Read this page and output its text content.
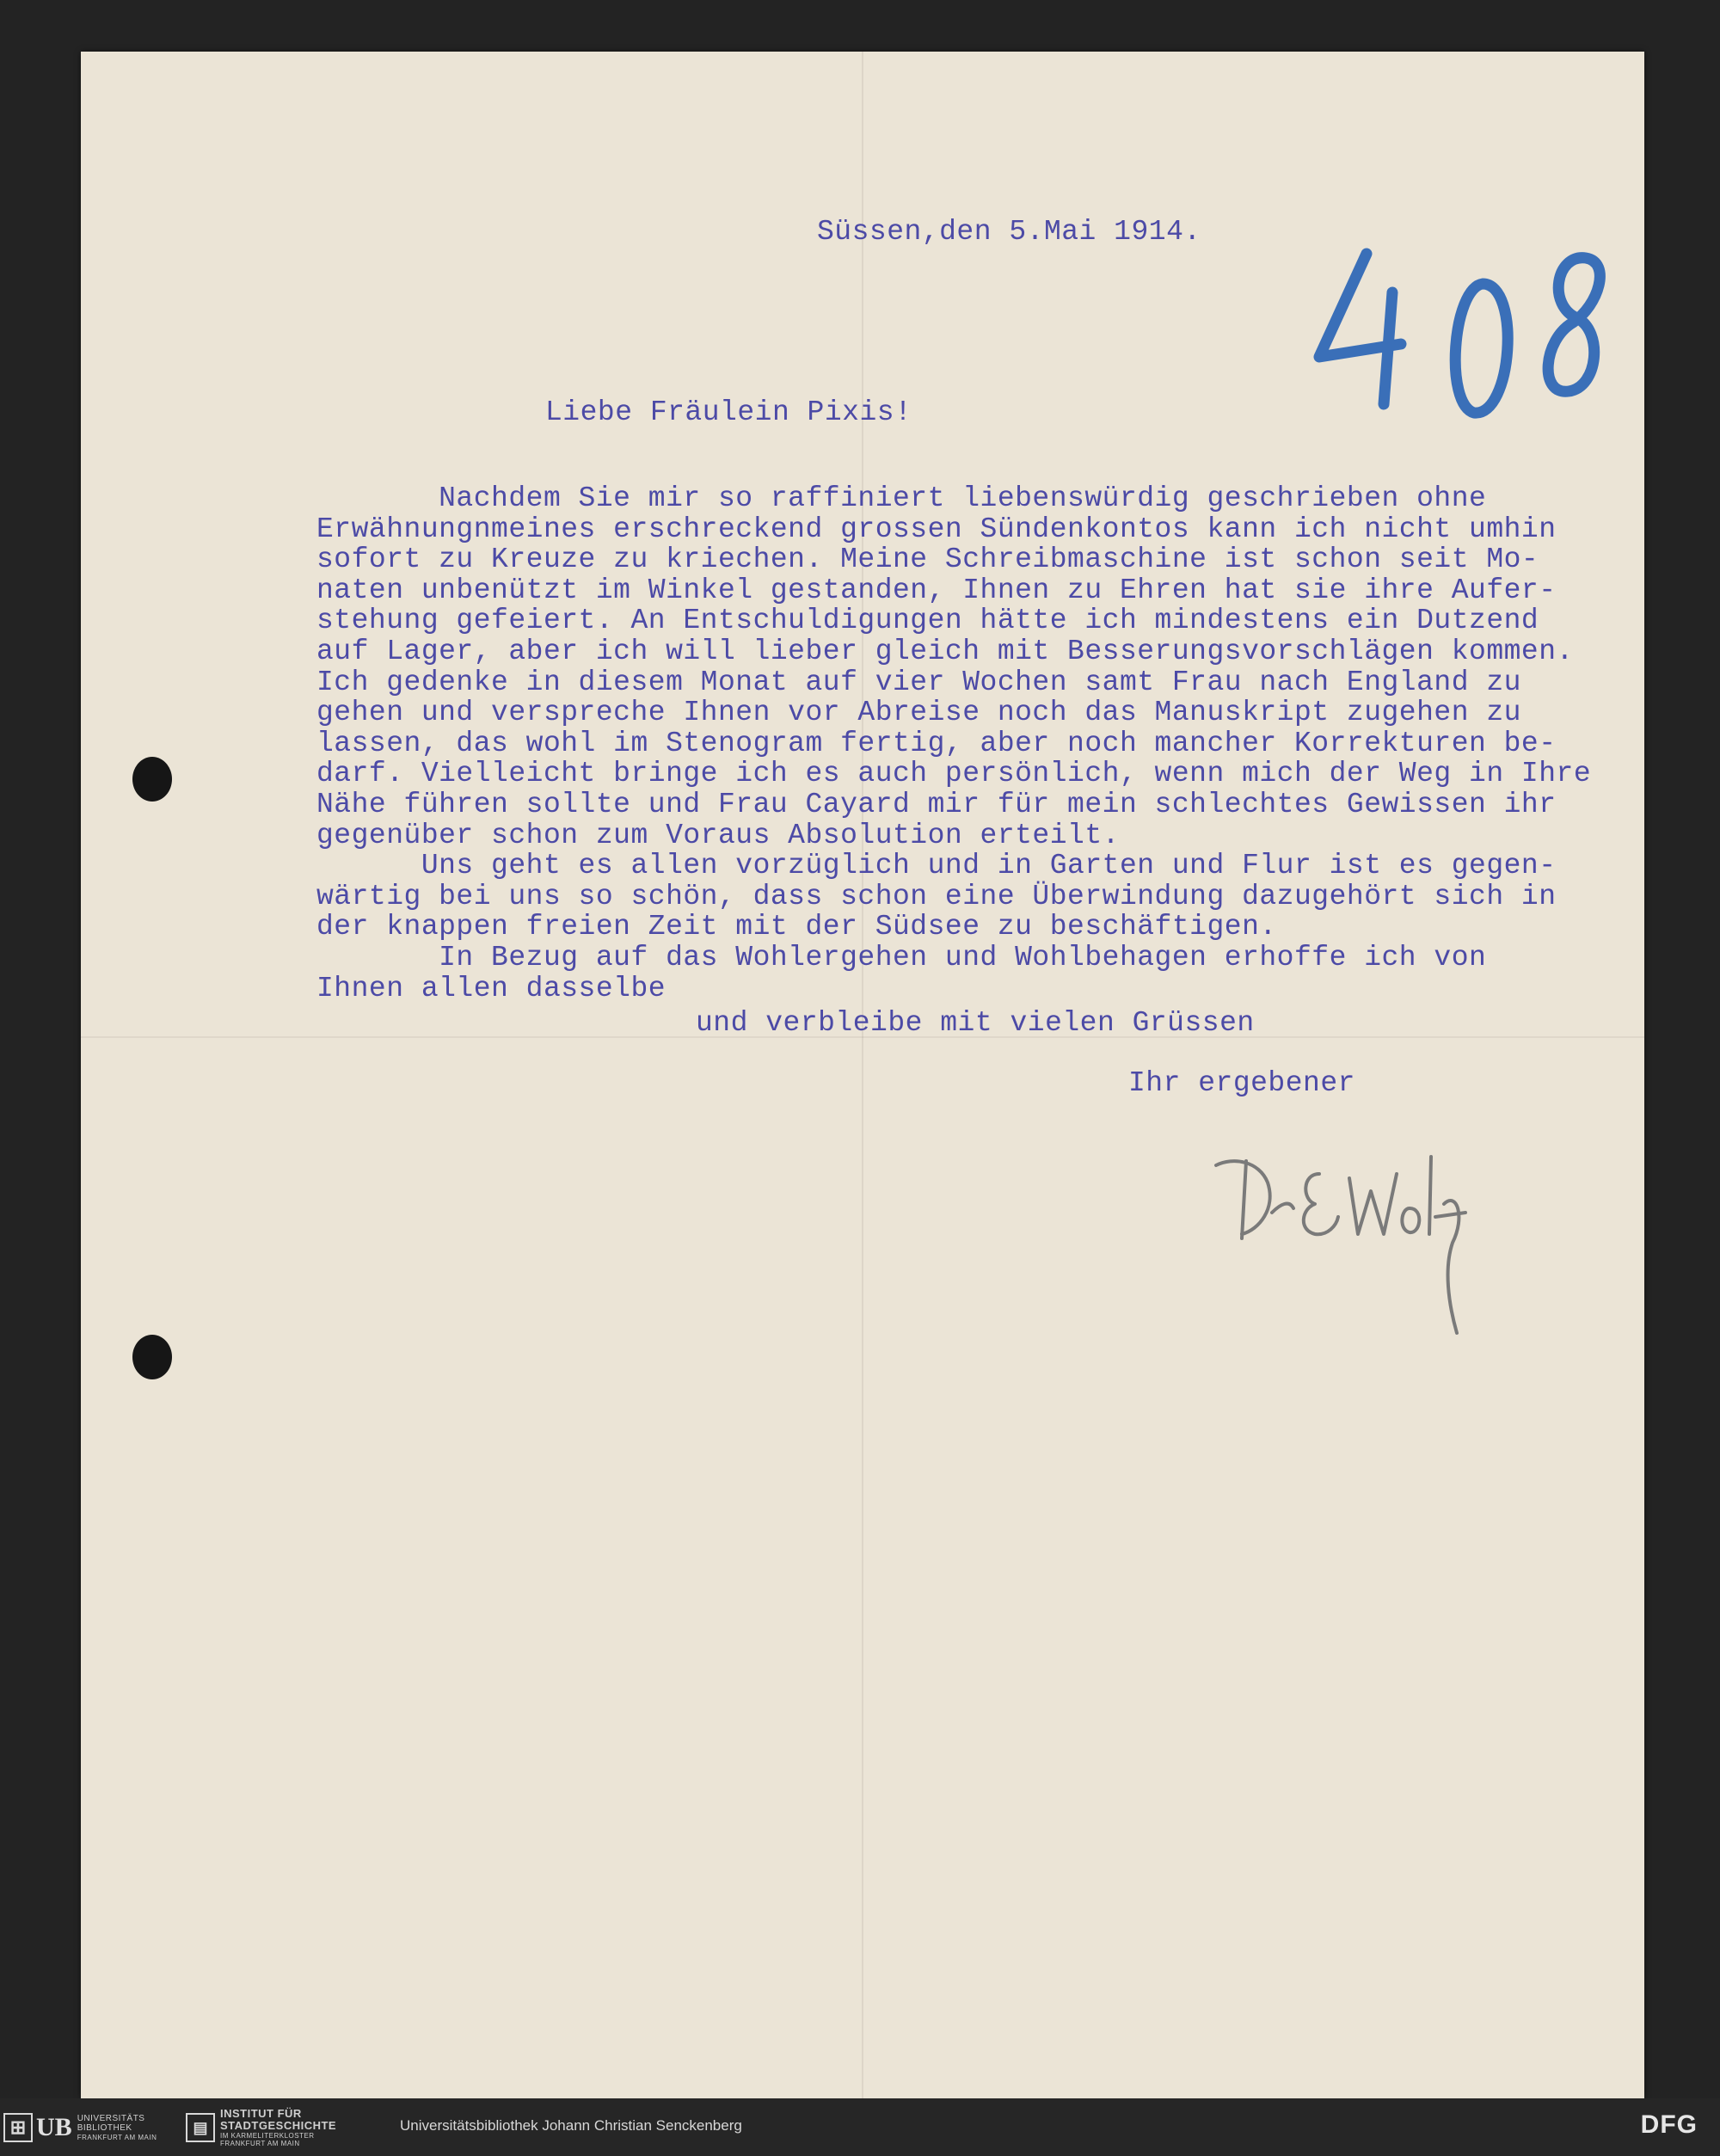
Süssen,den 5.Mai 1914.
Liebe Fräulein Pixis!
Nachdem Sie mir so raffiniert liebenswürdig geschrieben ohne
Erwähnungnmeines erschreckend grossen Sündenkontos kann ich nicht umhin
sofort zu Kreuze zu kriechen. Meine Schreibmaschine ist schon seit Mo-
naten unbenützt im Winkel gestanden, Ihnen zu Ehren hat sie ihre Aufer-
stehung gefeiert. An Entschuldigungen hätte ich mindestens ein Dutzend
auf Lager, aber ich will lieber gleich mit Besserungsvorschlägen kommen.
Ich gedenke in diesem Monat auf vier Wochen samt Frau nach England zu
gehen und verspreche Ihnen vor Abreise noch das Manuskript zugehen zu
lassen, das wohl im Stenogram fertig, aber noch mancher Korrekturen be-
darf. Vielleicht bringe ich es auch persönlich, wenn mich der Weg in Ihre
Nähe führen sollte und Frau Cayard mir für mein schlechtes Gewissen ihr
gegenüber schon zum Voraus Absolution erteilt.
Uns geht es allen vorzüglich und in Garten und Flur ist es gegen-
wärtig bei uns so schön, dass schon eine Überwindung dazugehört sich in
der knappen freien Zeit mit der Südsee zu beschäftigen.
In Bezug auf das Wohlergehen und Wohlbehagen erhoffe ich von
Ihnen allen dasselbe
und verbleibe mit vielen Grüssen
Ihr ergebener
⊞ UB UNIVERSITÄTS
BIBLIOTHEK
FRANKFURT AM MAIN
▤
INSTITUT FÜR
STADTGESCHICHTE
IM KARMELITERKLOSTER
FRANKFURT AM MAIN
Universitätsbibliothek Johann Christian Senckenberg	DFG
